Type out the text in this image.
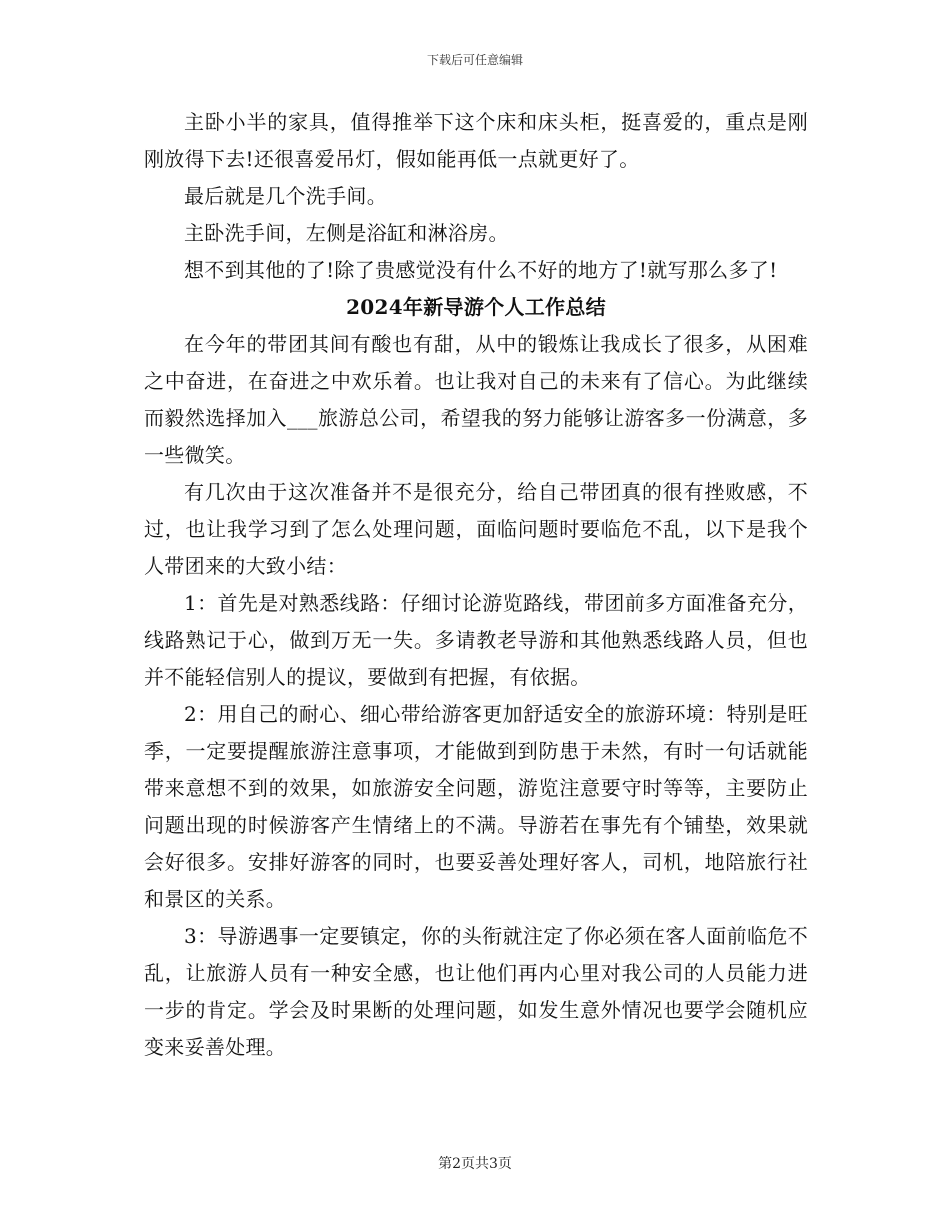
下载后可任意编辑

主卧小半的家具，值得推举下这个床和床头柜，挺喜爱的，重点是刚刚放得下去!还很喜爱吊灯，假如能再低一点就更好了。

最后就是几个洗手间。

主卧洗手间，左侧是浴缸和淋浴房。

想不到其他的了!除了贵感觉没有什么不好的地方了!就写那么多了!

2024年新导游个人工作总结

在今年的带团其间有酸也有甜，从中的锻炼让我成长了很多，从困难之中奋进，在奋进之中欢乐着。也让我对自己的未来有了信心。为此继续而毅然选择加入___旅游总公司，希望我的努力能够让游客多一份满意，多一些微笑。

有几次由于这次准备并不是很充分，给自己带团真的很有挫败感，不过，也让我学习到了怎么处理问题，面临问题时要临危不乱，以下是我个人带团来的大致小结：

1：首先是对熟悉线路：仔细讨论游览路线，带团前多方面准备充分，线路熟记于心，做到万无一失。多请教老导游和其他熟悉线路人员，但也并不能轻信别人的提议，要做到有把握，有依据。

2：用自己的耐心、细心带给游客更加舒适安全的旅游环境：特别是旺季，一定要提醒旅游注意事项，才能做到到防患于未然，有时一句话就能带来意想不到的效果，如旅游安全问题，游览注意要守时等等，主要防止问题出现的时候游客产生情绪上的不满。导游若在事先有个铺垫，效果就会好很多。安排好游客的同时，也要妥善处理好客人，司机，地陪旅行社和景区的关系。

3：导游遇事一定要镇定，你的头衔就注定了你必须在客人面前临危不乱，让旅游人员有一种安全感，也让他们再内心里对我公司的人员能力进一步的肯定。学会及时果断的处理问题，如发生意外情况也要学会随机应变来妥善处理。

第2页共3页
